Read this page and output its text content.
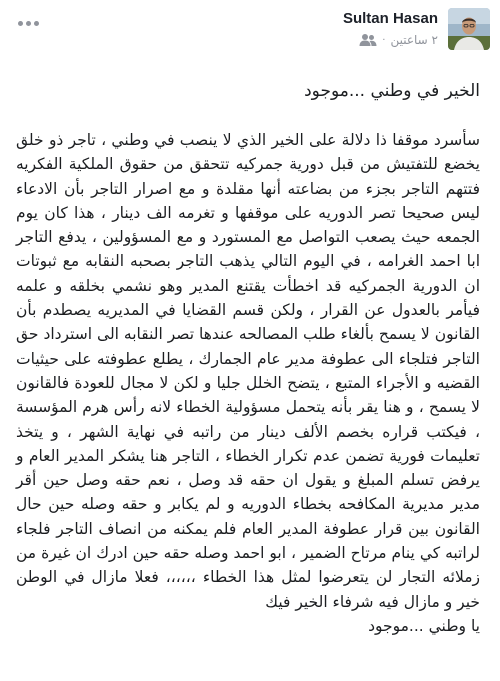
Sultan Hasan
٢ ساعتين
·

الخير في وطني ...موجود

سأسرد موقفا ذا دلالة على الخير الذي لا ينصب في وطني ، تاجر ذو خلق يخضع للتفتيش من قبل دورية جمركيه تتحقق من حقوق الملكية الفكريه فتتهم التاجر بجزء من بضاعته أنها مقلدة و مع اصرار التاجر بأن الادعاء ليس صحيحا تصر الدوريه على موقفها و تغرمه الف دينار ، هذا كان يوم الجمعه حيث يصعب التواصل مع المستورد و مع المسؤولين ، يدفع التاجر ابا احمد الغرامه ، في اليوم التالي يذهب التاجر بصحبه النقابه مع ثبوتات ان الدورية الجمركيه قد اخطأت يقتنع المدير وهو نشمي بخلقه و علمه فيأمر بالعدول عن القرار ، ولكن قسم القضايا في المديريه يصطدم بأن القانون لا يسمح بألغاء طلب المصالحه عندها تصر النقابه الى استرداد حق التاجر فتلجاء الى عطوفة مدير عام الجمارك ، يطلع عطوفته على حيثيات القضيه و الأجراء المتبع ، يتضح الخلل جليا و لكن لا مجال للعودة فالقانون لا يسمح ، و هنا يقر بأنه يتحمل مسؤولية الخطاء لانه رأس هرم المؤسسة ، فيكتب قراره بخصم الألف دينار من راتبه في نهاية الشهر ، و يتخذ تعليمات فورية تضمن عدم تكرار الخطاء ، التاجر هنا يشكر المدير العام و يرفض تسلم المبلغ و يقول ان حقه قد وصل ، نعم حقه وصل حين أقر مدير مديرية المكافحه بخطاء الدوريه و لم يكابر و حقه وصله حين حال القانون بين قرار عطوفة المدير العام فلم يمكنه من انصاف التاجر فلجاء لراتبه كي ينام مرتاح الضمير ، ابو احمد وصله حقه حين ادرك ان غيرة من زملائه التجار لن يتعرضوا لمثل هذا الخطاء ،،،،،، فعلا مازال في الوطن خير و مازال فيه شرفاء الخير فيك

يا وطني ...موجود
